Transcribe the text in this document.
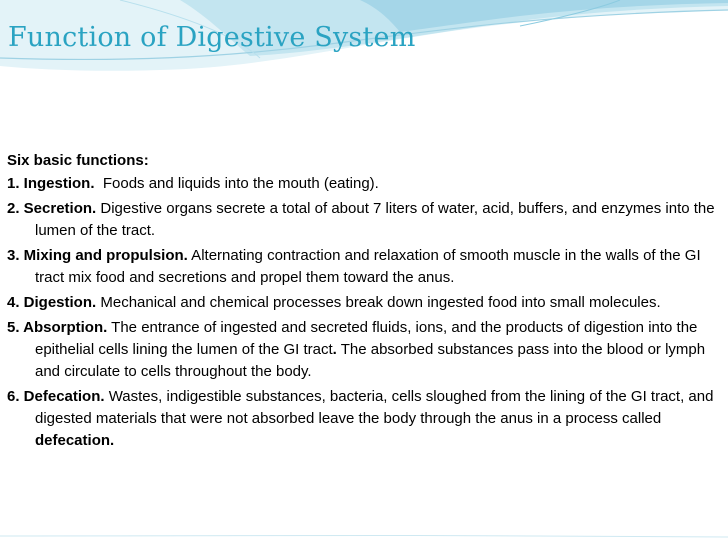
Function of Digestive System
Six basic functions:
1. Ingestion.  Foods and liquids into the mouth (eating).
2. Secretion. Digestive organs secrete a total of about 7 liters of water, acid, buffers, and enzymes into the lumen of the tract.
3. Mixing and propulsion. Alternating contraction and relaxation of smooth muscle in the walls of the GI tract mix food and secretions and propel them toward the anus.
4. Digestion. Mechanical and chemical processes break down ingested food into small molecules.
5. Absorption. The entrance of ingested and secreted fluids, ions, and the products of digestion into the epithelial cells lining the lumen of the GI tract. The absorbed substances pass into the blood or lymph and circulate to cells throughout the body.
6. Defecation. Wastes, indigestible substances, bacteria, cells sloughed from the lining of the GI tract, and digested materials that were not absorbed leave the body through the anus in a process called defecation.
